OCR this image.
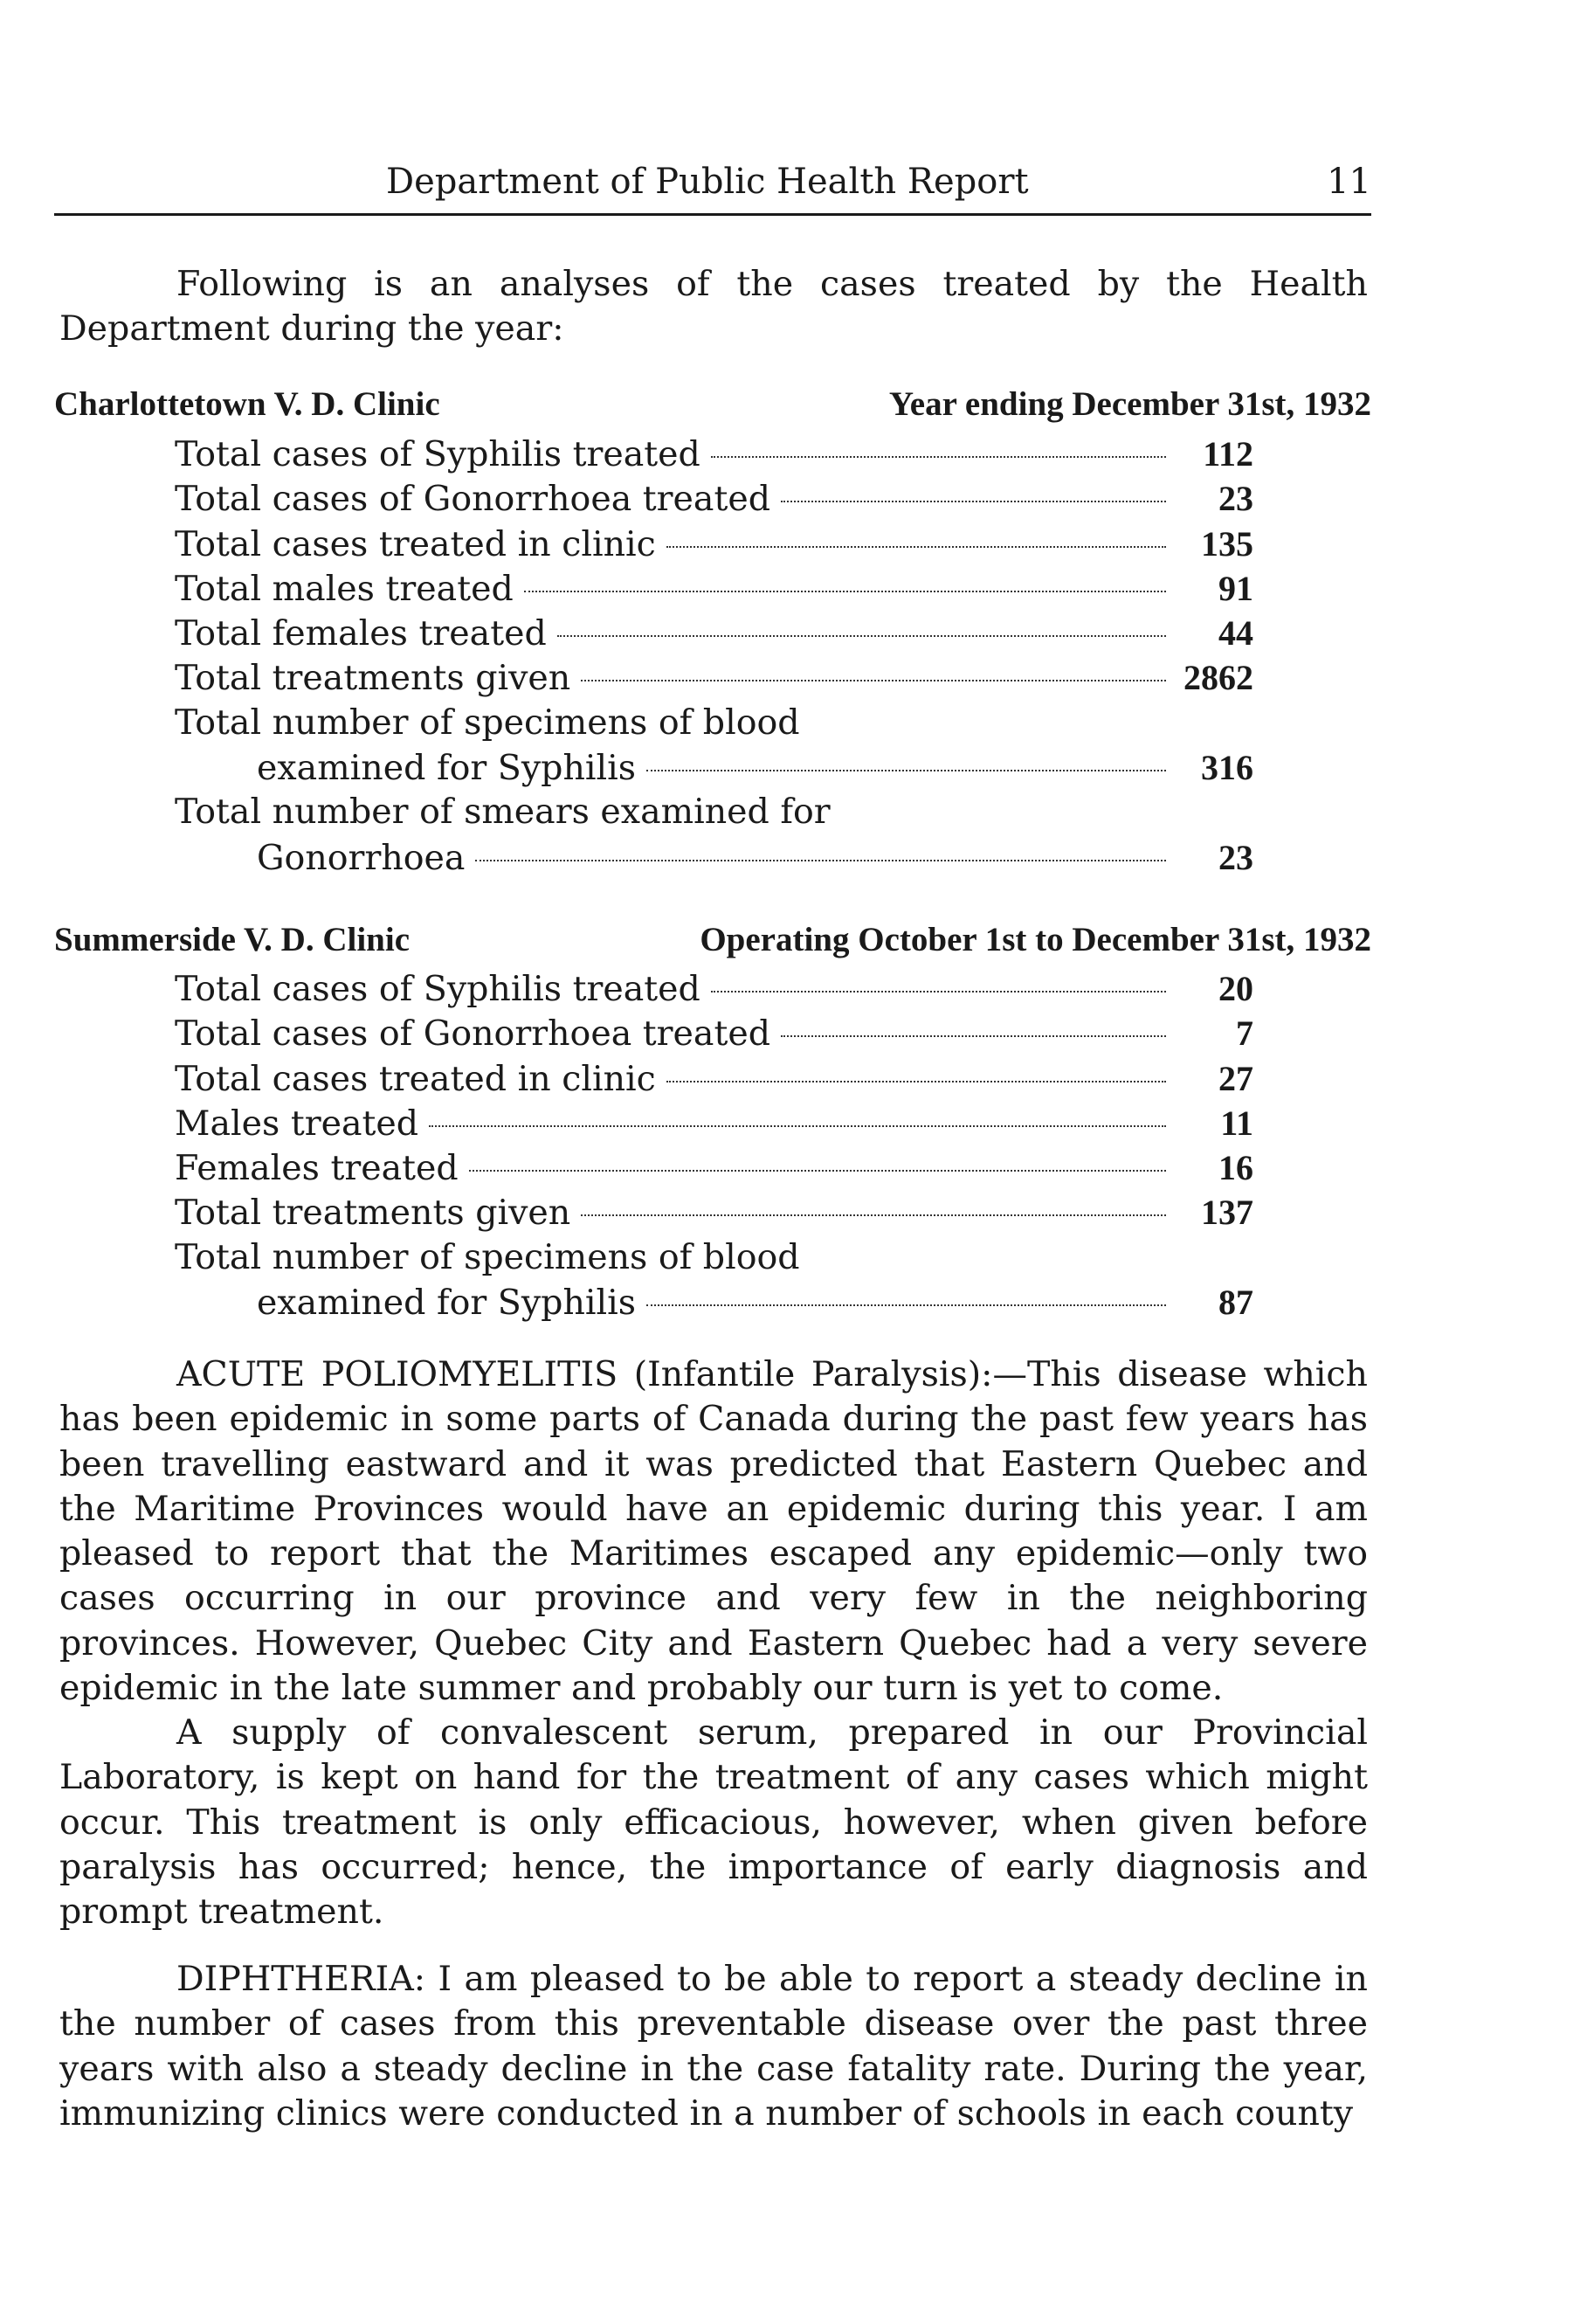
Department of Public Health Report	11

Following is an analyses of the cases treated by the Health Department during the year:

Charlottetown V. D. Clinic	Year ending December 31st, 1932
Total cases of Syphilis treated	112
Total cases of Gonorrhoea treated	23
Total cases treated in clinic	135
Total males treated	91
Total females treated	44
Total treatments given	2862
Total number of specimens of blood
examined for Syphilis	316
Total number of smears examined for
Gonorrhoea	23
Summerside V. D. Clinic	Operating October 1st to December 31st, 1932
Total cases of Syphilis treated	20
Total cases of Gonorrhoea treated	7
Total cases treated in clinic	27
Males treated	11
Females treated	16
Total treatments given	137
Total number of specimens of blood
examined for Syphilis	87

ACUTE POLIOMYELITIS (Infantile Paralysis):—This disease which has been epidemic in some parts of Canada during the past few years has been travelling eastward and it was predicted that Eastern Quebec and the Maritime Provinces would have an epidemic during this year. I am pleased to report that the Maritimes escaped any epidemic—only two cases occurring in our province and very few in the neighboring provinces. However, Quebec City and Eastern Quebec had a very severe epidemic in the late summer and probably our turn is yet to come.

A supply of convalescent serum, prepared in our Provincial Laboratory, is kept on hand for the treatment of any cases which might occur. This treatment is only efficacious, however, when given before paralysis has occurred; hence, the importance of early diagnosis and prompt treatment.

DIPHTHERIA: I am pleased to be able to report a steady decline in the number of cases from this preventable disease over the past three years with also a steady decline in the case fatality rate. During the year, immunizing clinics were conducted in a number of schools in each county
